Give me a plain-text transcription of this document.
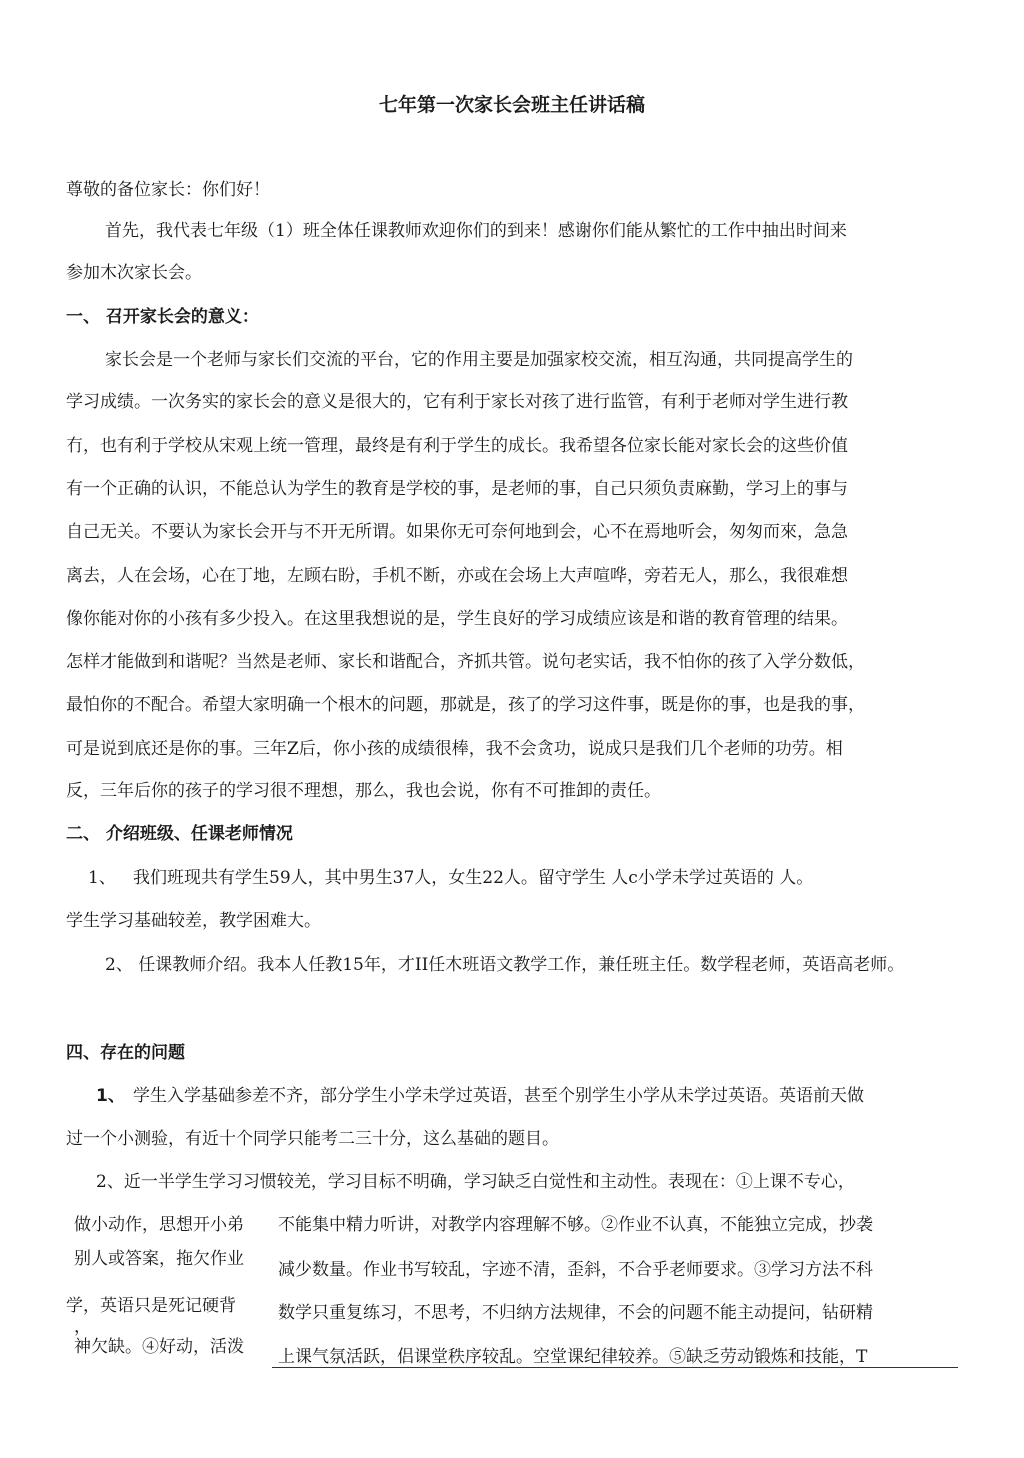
七年第一次家长会班主任讲话稿
尊敬的备位家长：你们好！
首先，我代表七年级（1）班全体任课教师欢迎你们的到来！感谢你们能从繁忙的工作中抽出时间来
参加木次家长会。
一、 召开家长会的意义：
家长会是一个老师与家长们交流的平台，它的作用主要是加强家校交流，相互沟通，共同提高学生的
学习成绩。一次务实的家长会的意义是很大的，它有利于家长对孩了进行监管，有利于老师对学生进行教
冇，也有利于学校从宋观上统一管理，最终是有利于学生的成长。我希望各位家长能对家长会的这些价值
有一个正确的认识，不能总认为学生的教育是学校的事，是老师的事，自己只须负责麻勤，学习上的事与
自己无关。不要认为家长会开与不开无所谓。如果你无可奈何地到会，心不在焉地听会，匆匆而來，急急
离去，人在会场，心在丁地，左顾右盼，手机不断，亦或在会场上大声喧哗，旁若无人，那么，我很难想
像你能对你的小孩有多少投入。在这里我想说的是，学生良好的学习成绩应该是和谐的教育管理的结果。
怎样才能做到和谐呢？当然是老师、家长和谐配合，齐抓共管。说句老实话，我不怕你的孩了入学分数低，
最怕你的不配合。希望大家明确一个根木的问题，那就是，孩了的学习这件事，既是你的事，也是我的事，
可是说到底还是你的事。三年Z后，你小孩的成绩很棒，我不会贪功，说成只是我们几个老师的功劳。相
反，三年后你的孩子的学习很不理想，那么，我也会说，你有不可推卸的责任。
二、 介绍班级、任课老师情况
1、 我们班现共有学生59人，其中男生37人，女生22人。留守学生 人c小学未学过英语的 人。
学生学习基础较差，教学困难大。
2、 任课教师介绍。我本人任教15年，才II任木班语文教学工作，兼任班主任。数学程老师，英语高老师。
四、存在的问题
1、 学生入学基础参差不齐，部分学生小学未学过英语，甚至个别学生小学从未学过英语。英语前天做
过一个小测验，有近十个同学只能考二三十分，这么基础的题目。
2、近一半学生学习习惯较羌，学习目标不明确，学习缺乏白觉性和主动性。表现在：①上课不专心，
做小动作，思想开小弟
别人或答案，拖欠作业
学，英语只是死记硬背
，
神欠缺。④好动，活泼
不能集中精力听讲，对教学内容理解不够。②作业不认真，不能独立完成，抄袭
减少数量。作业书写较乱，字迹不清，歪斜，不合乎老师要求。③学习方法不科
数学只重复练习，不思考，不归纳方法规律，不会的问题不能主动提问，钻研精
上课气氛活跃，侣课堂秩序较乱。空堂课纪律较养。⑤缺乏劳动锻炼和技能，T
